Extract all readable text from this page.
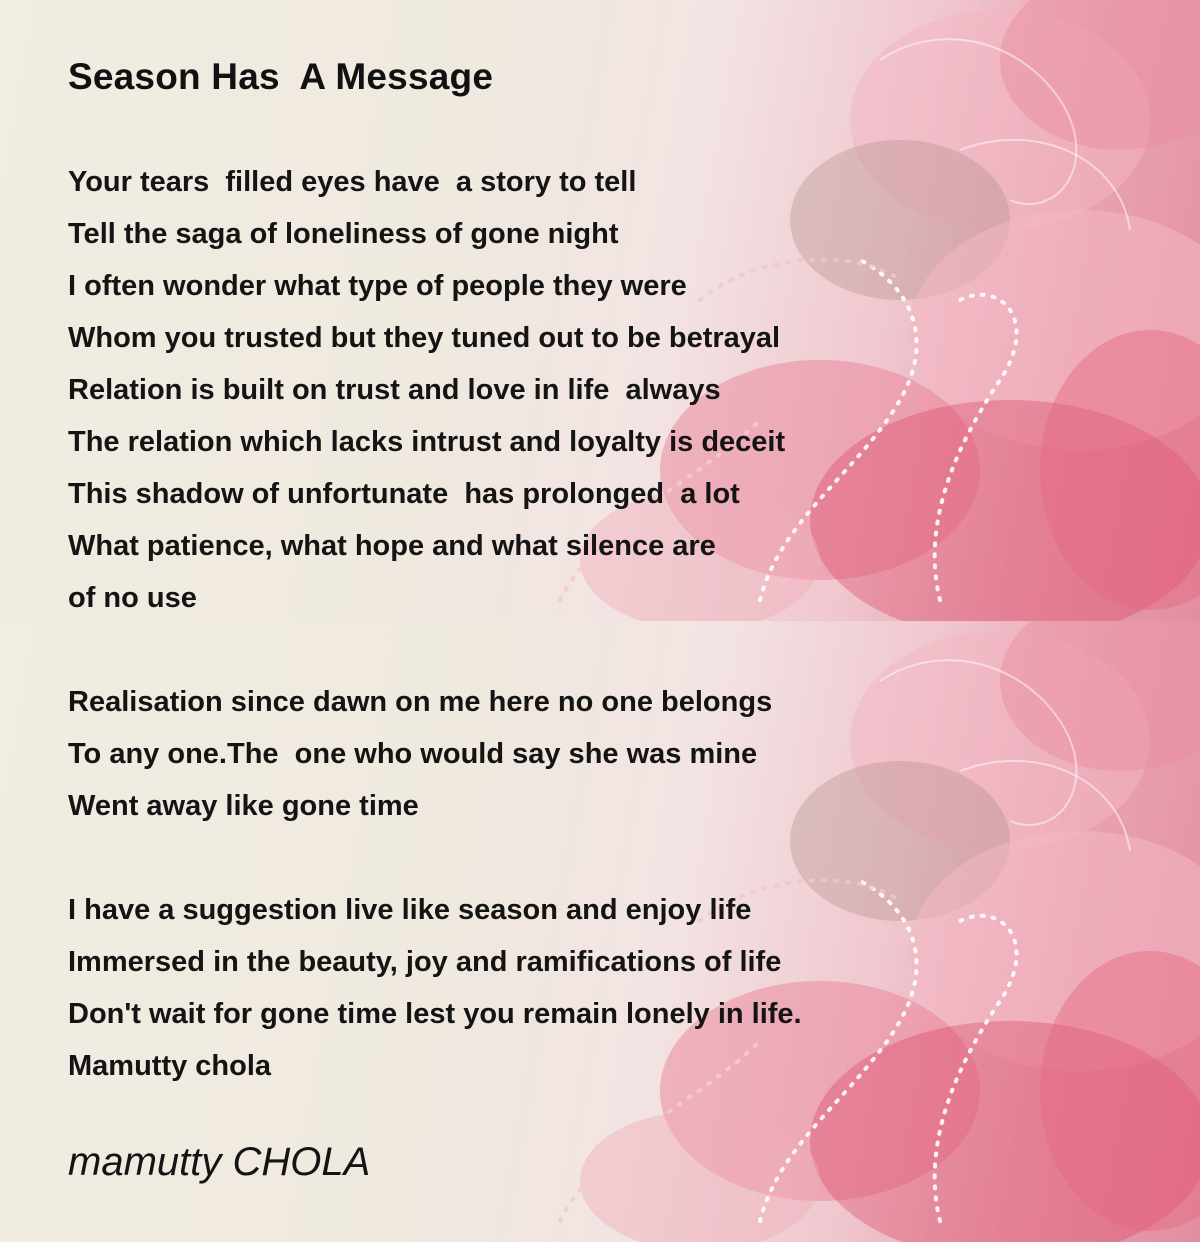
Season Has  A Message
Your tears  filled eyes have  a story to tell
Tell the saga of loneliness of gone night
I often wonder what type of people they were
Whom you trusted but they tuned out to be betrayal
Relation is built on trust and love in life  always
The relation which lacks intrust and loyalty is deceit
This shadow of unfortunate  has prolonged  a lot
What patience, what hope and what silence are
of no use
Realisation since dawn on me here no one belongs
To any one.The  one who would say she was mine
Went away like gone time
I have a suggestion live like season and enjoy life
Immersed in the beauty, joy and ramifications of life
Don't wait for gone time lest you remain lonely in life.
Mamutty chola
mamutty CHOLA
